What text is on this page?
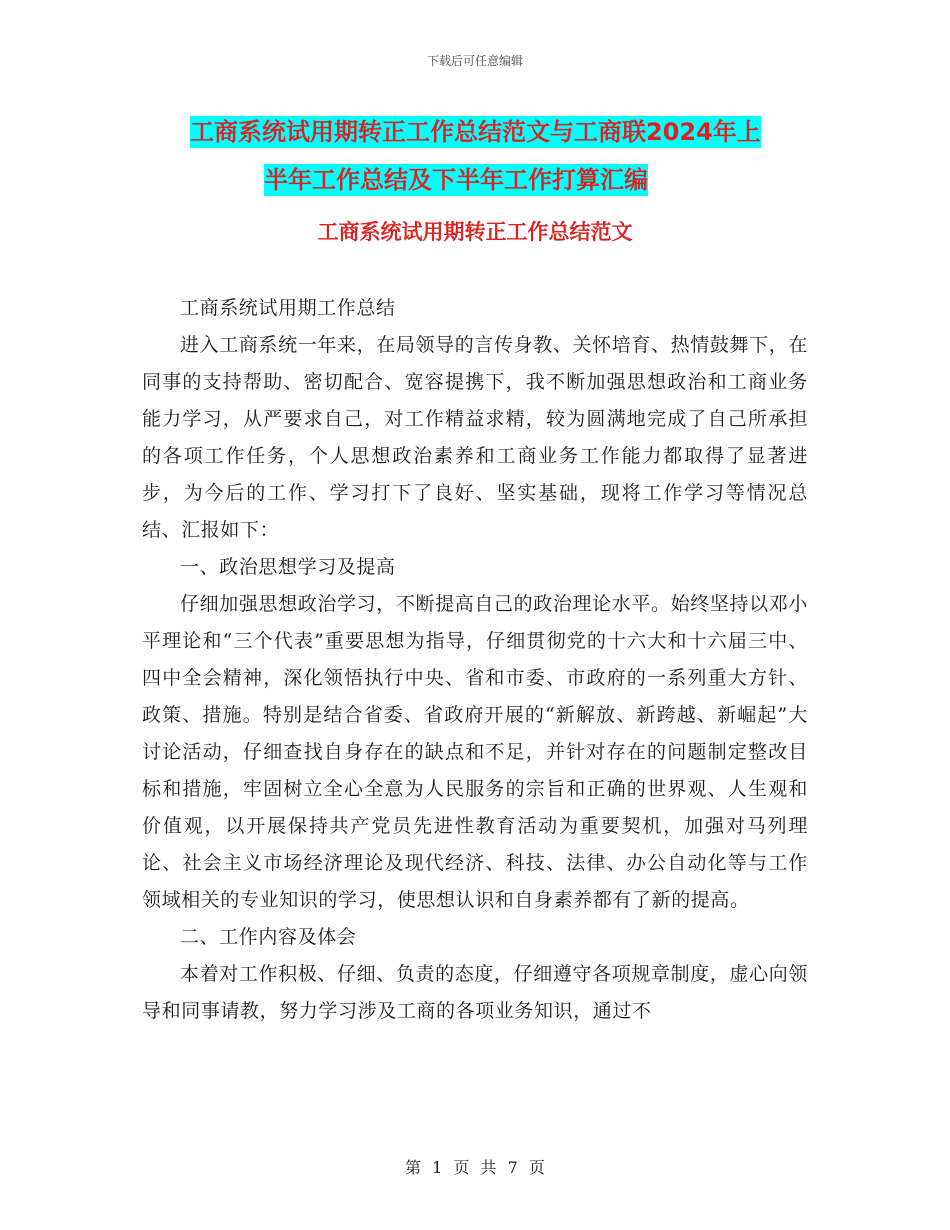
下载后可任意编辑
工商系统试用期转正工作总结范文与工商联2024年上
半年工作总结及下半年工作打算汇编
工商系统试用期转正工作总结范文

工商系统试用期工作总结

进入工商系统一年来，在局领导的言传身教、关怀培育、热情鼓舞下，在同事的支持帮助、密切配合、宽容提携下，我不断加强思想政治和工商业务能力学习，从严要求自己，对工作精益求精，较为圆满地完成了自己所承担的各项工作任务，个人思想政治素养和工商业务工作能力都取得了显著进步，为今后的工作、学习打下了良好、坚实基础，现将工作学习等情况总结、汇报如下：

一、政治思想学习及提高

仔细加强思想政治学习，不断提高自己的政治理论水平。始终坚持以邓小平理论和“三个代表”重要思想为指导，仔细贯彻党的十六大和十六届三中、四中全会精神，深化领悟执行中央、省和市委、市政府的一系列重大方针、政策、措施。特别是结合省委、省政府开展的“新解放、新跨越、新崛起”大讨论活动，仔细查找自身存在的缺点和不足，并针对存在的问题制定整改目标和措施，牢固树立全心全意为人民服务的宗旨和正确的世界观、人生观和价值观，以开展保持共产党员先进性教育活动为重要契机，加强对马列理论、社会主义市场经济理论及现代经济、科技、法律、办公自动化等与工作领域相关的专业知识的学习，使思想认识和自身素养都有了新的提高。

二、工作内容及体会

本着对工作积极、仔细、负责的态度，仔细遵守各项规章制度，虚心向领导和同事请教，努力学习涉及工商的各项业务知识，通过不

第 1 页 共 7 页
